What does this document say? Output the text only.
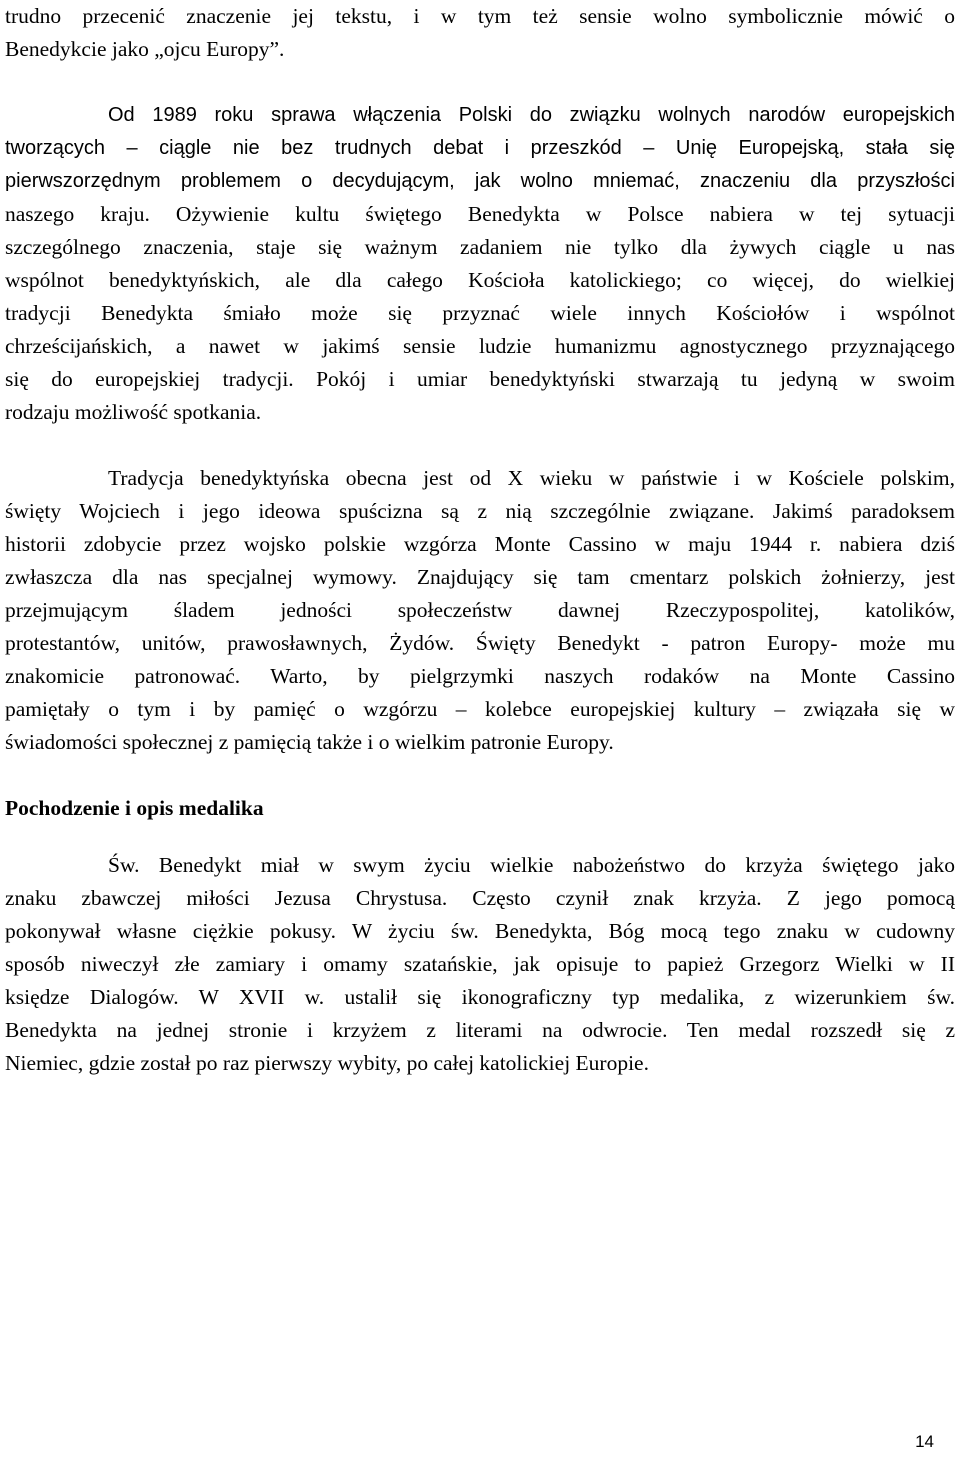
trudno przecenić znaczenie jej tekstu, i w tym też sensie wolno symbolicznie mówić o
Benedykcie jako „ojcu Europy”.
Od 1989 roku sprawa włączenia Polski do związku wolnych narodów europejskich
tworzących – ciągle nie bez trudnych debat i przeszkód – Unię Europejską, stała się
pierwszorzędnym problemem o decydującym, jak wolno mniemać, znaczeniu dla przyszłości
naszego kraju. Ożywienie kultu świętego Benedykta w Polsce nabiera w tej sytuacji
szczególnego znaczenia, staje się ważnym zadaniem nie tylko dla żywych ciągle u nas
wspólnot benedyktyńskich, ale dla całego Kościoła katolickiego; co więcej, do wielkiej
tradycji Benedykta śmiało może się przyznać wiele innych Kościołów i wspólnot
chrześcijańskich, a nawet w jakimś sensie ludzie humanizmu agnostycznego przyznającego
się do europejskiej tradycji. Pokój i umiar benedyktyński stwarzają tu jedyną w swoim
rodzaju możliwość spotkania.
Tradycja benedyktyńska obecna jest od X wieku w państwie i w Kościele polskim,
święty Wojciech i jego ideowa spuścizna są z nią szczególnie związane. Jakimś paradoksem
historii zdobycie przez wojsko polskie wzgórza Monte Cassino w maju 1944 r. nabiera dziś
zwłaszcza dla nas specjalnej wymowy. Znajdujący się tam cmentarz polskich żołnierzy, jest
przejmującym śladem jedności społeczeństw dawnej Rzeczypospolitej, katolików,
protestantów, unitów, prawosławnych, Żydów. Święty Benedykt - patron Europy- może mu
znakomicie patronować. Warto, by pielgrzymki naszych rodaków na Monte Cassino
pamiętały o tym i by pamięć o wzgórzu – kolebce europejskiej kultury – związała się w
świadomości społecznej z pamięcią także i o wielkim patronie Europy.
Pochodzenie i opis medalika
Św. Benedykt miał w swym życiu wielkie nabożeństwo do krzyża świętego jako
znaku zbawczej miłości Jezusa Chrystusa. Często czynił znak krzyża. Z jego pomocą
pokonywał własne ciężkie pokusy. W życiu św. Benedykta, Bóg mocą tego znaku w cudowny
sposób niweczył złe zamiary i omamy szatańskie, jak opisuje to papież Grzegorz Wielki w II
księdze Dialogów. W XVII w. ustalił się ikonograficzny typ medalika, z wizerunkiem św.
Benedykta na jednej stronie i krzyżem z literami na odwrocie. Ten medal rozszedł się z
Niemiec, gdzie został po raz pierwszy wybity, po całej katolickiej Europie.
14
